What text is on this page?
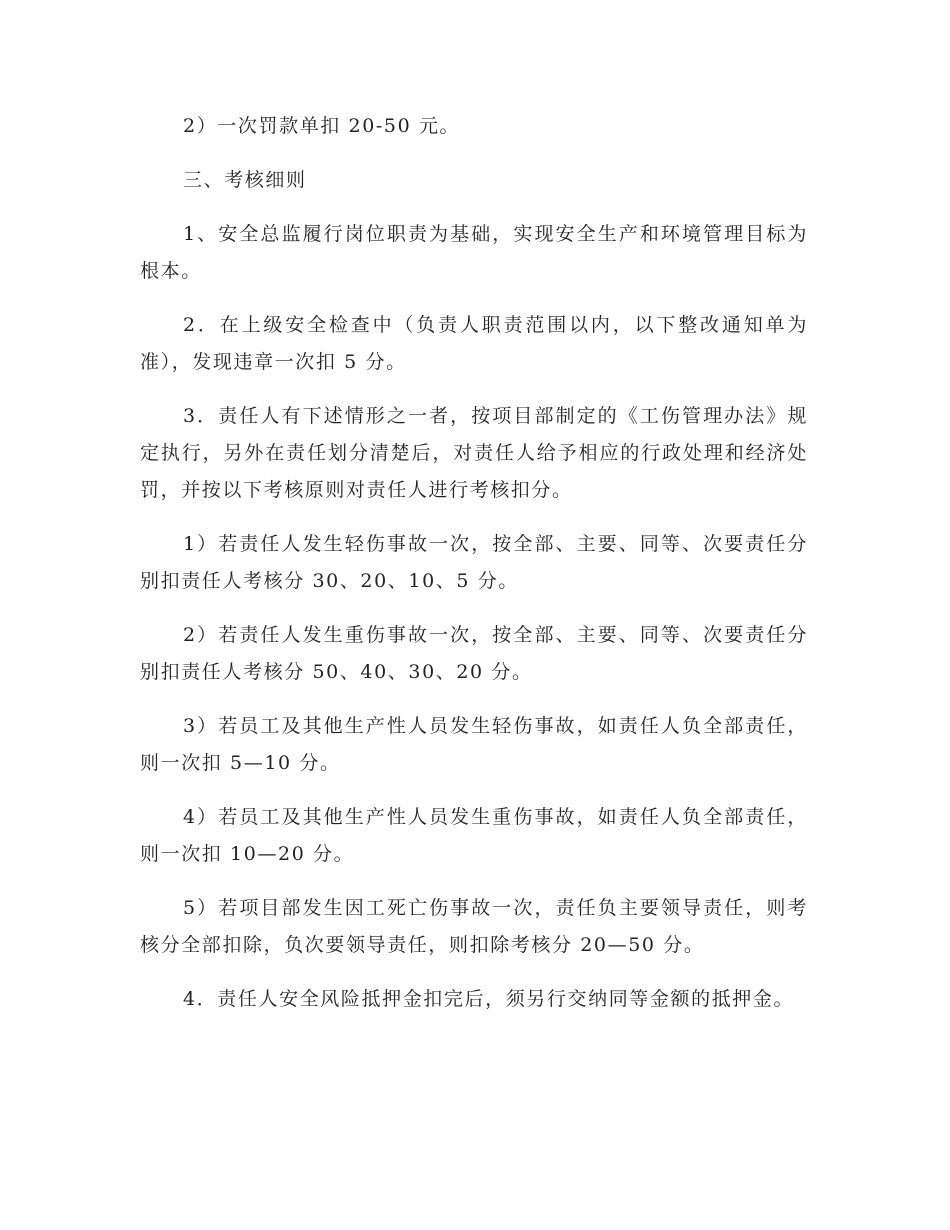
2）一次罚款单扣 20-50 元。

三、考核细则

1、安全总监履行岗位职责为基础，实现安全生产和环境管理目标为根本。

2．在上级安全检查中（负责人职责范围以内，以下整改通知单为准），发现违章一次扣 5 分。

3．责任人有下述情形之一者，按项目部制定的《工伤管理办法》规定执行，另外在责任划分清楚后，对责任人给予相应的行政处理和经济处罚，并按以下考核原则对责任人进行考核扣分。

1）若责任人发生轻伤事故一次，按全部、主要、同等、次要责任分别扣责任人考核分 30、20、10、5 分。

2）若责任人发生重伤事故一次，按全部、主要、同等、次要责任分别扣责任人考核分 50、40、30、20 分。

3）若员工及其他生产性人员发生轻伤事故，如责任人负全部责任，则一次扣 5—10 分。

4）若员工及其他生产性人员发生重伤事故，如责任人负全部责任，则一次扣 10—20 分。

5）若项目部发生因工死亡伤事故一次，责任负主要领导责任，则考核分全部扣除，负次要领导责任，则扣除考核分 20—50 分。

4．责任人安全风险抵押金扣完后，须另行交纳同等金额的抵押金。
